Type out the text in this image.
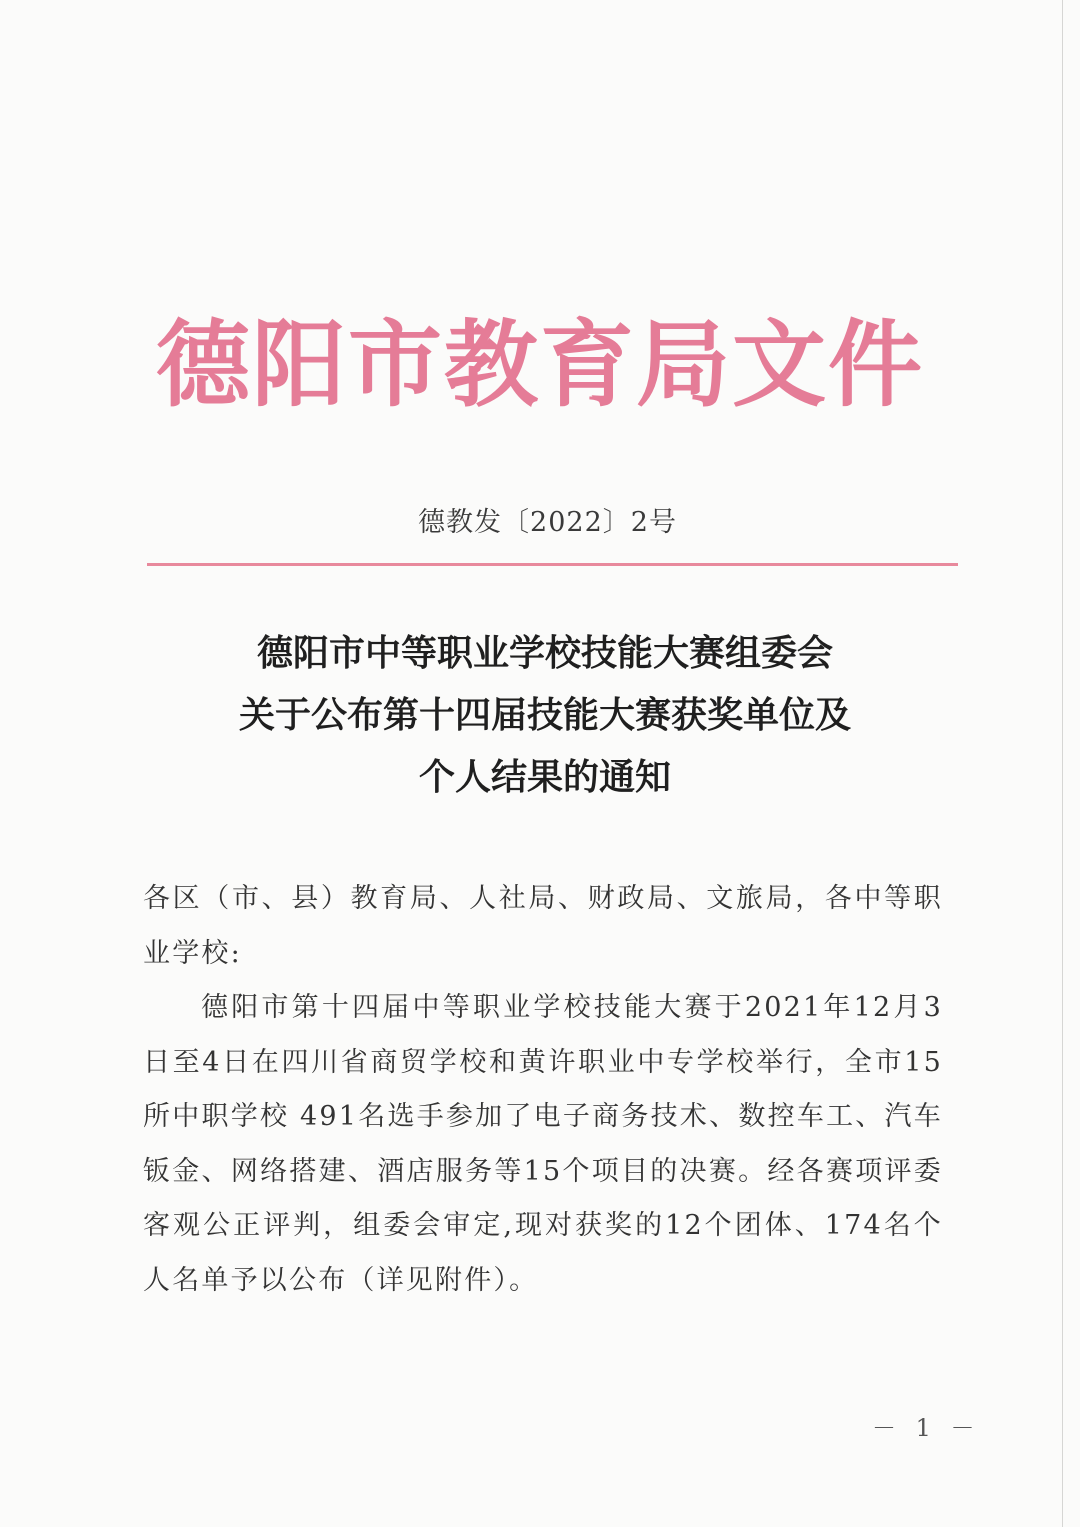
德阳市教育局文件
德教发〔2022〕2号
德阳市中等职业学校技能大赛组委会
关于公布第十四届技能大赛获奖单位及
个人结果的通知

各区（市、县）教育局、人社局、财政局、文旅局，各中等职业学校:

德阳市第十四届中等职业学校技能大赛于2021年12月3日至4日在四川省商贸学校和黄许职业中专学校举行，全市15所中职学校 491名选手参加了电子商务技术、数控车工、汽车钣金、网络搭建、酒店服务等15个项目的决赛。经各赛项评委客观公正评判，组委会审定,现对获奖的12个团体、174名个人名单予以公布（详见附件）。

－ 1 －
